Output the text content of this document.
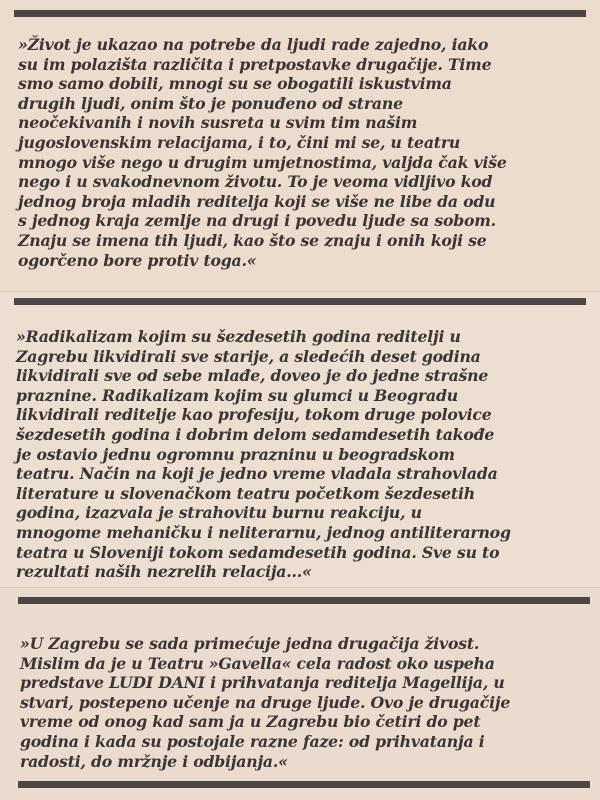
»Život je ukazao na potrebe da ljudi rade zajedno, iako
su im polazišta različita i pretpostavke drugačije. Time
smo samo dobili, mnogi su se obogatili iskustvima
drugih ljudi, onim što je ponuđeno od strane
neočekivanih i novih susreta u svim tim našim
jugoslovenskim relacijama, i to, čini mi se, u teatru
mnogo više nego u drugim umjetnostima, valjda čak više
nego i u svakodnevnom životu. To je veoma vidljivo kod
jednog broja mladih reditelja koji se više ne libe da odu
s jednog kraja zemlje na drugi i povedu ljude sa sobom.
Znaju se imena tih ljudi, kao što se znaju i onih koji se
ogorčeno bore protiv toga.«

»Radikalizam kojim su šezdesetih godina reditelji u
Zagrebu likvidirali sve starije, a sledećih deset godina
likvidirali sve od sebe mlađe, doveo je do jedne strašne
praznine. Radikalizam kojim su glumci u Beogradu
likvidirali reditelje kao profesiju, tokom druge polovice
šezdesetih godina i dobrim delom sedamdesetih takođe
je ostavio jednu ogromnu prazninu u beogradskom
teatru. Način na koji je jedno vreme vladala strahovlada
literature u slovenačkom teatru početkom šezdesetih
godina, izazvala je strahovitu burnu reakciju, u
mnogome mehaničku i neliterarnu, jednog antiliterarnog
teatra u Sloveniji tokom sedamdesetih godina. Sve su to
rezultati naših nezrelih relacija...«

»U Zagrebu se sada primećuje jedna drugačija živost.
Mislim da je u Teatru »Gavella« cela radost oko uspeha
predstave LUDI DANI i prihvatanja reditelja Magellija, u
stvari, postepeno učenje na druge ljude. Ovo je drugačije
vreme od onog kad sam ja u Zagrebu bio četiri do pet
godina i kada su postojale razne faze: od prihvatanja i
radosti, do mržnje i odbijanja.«
